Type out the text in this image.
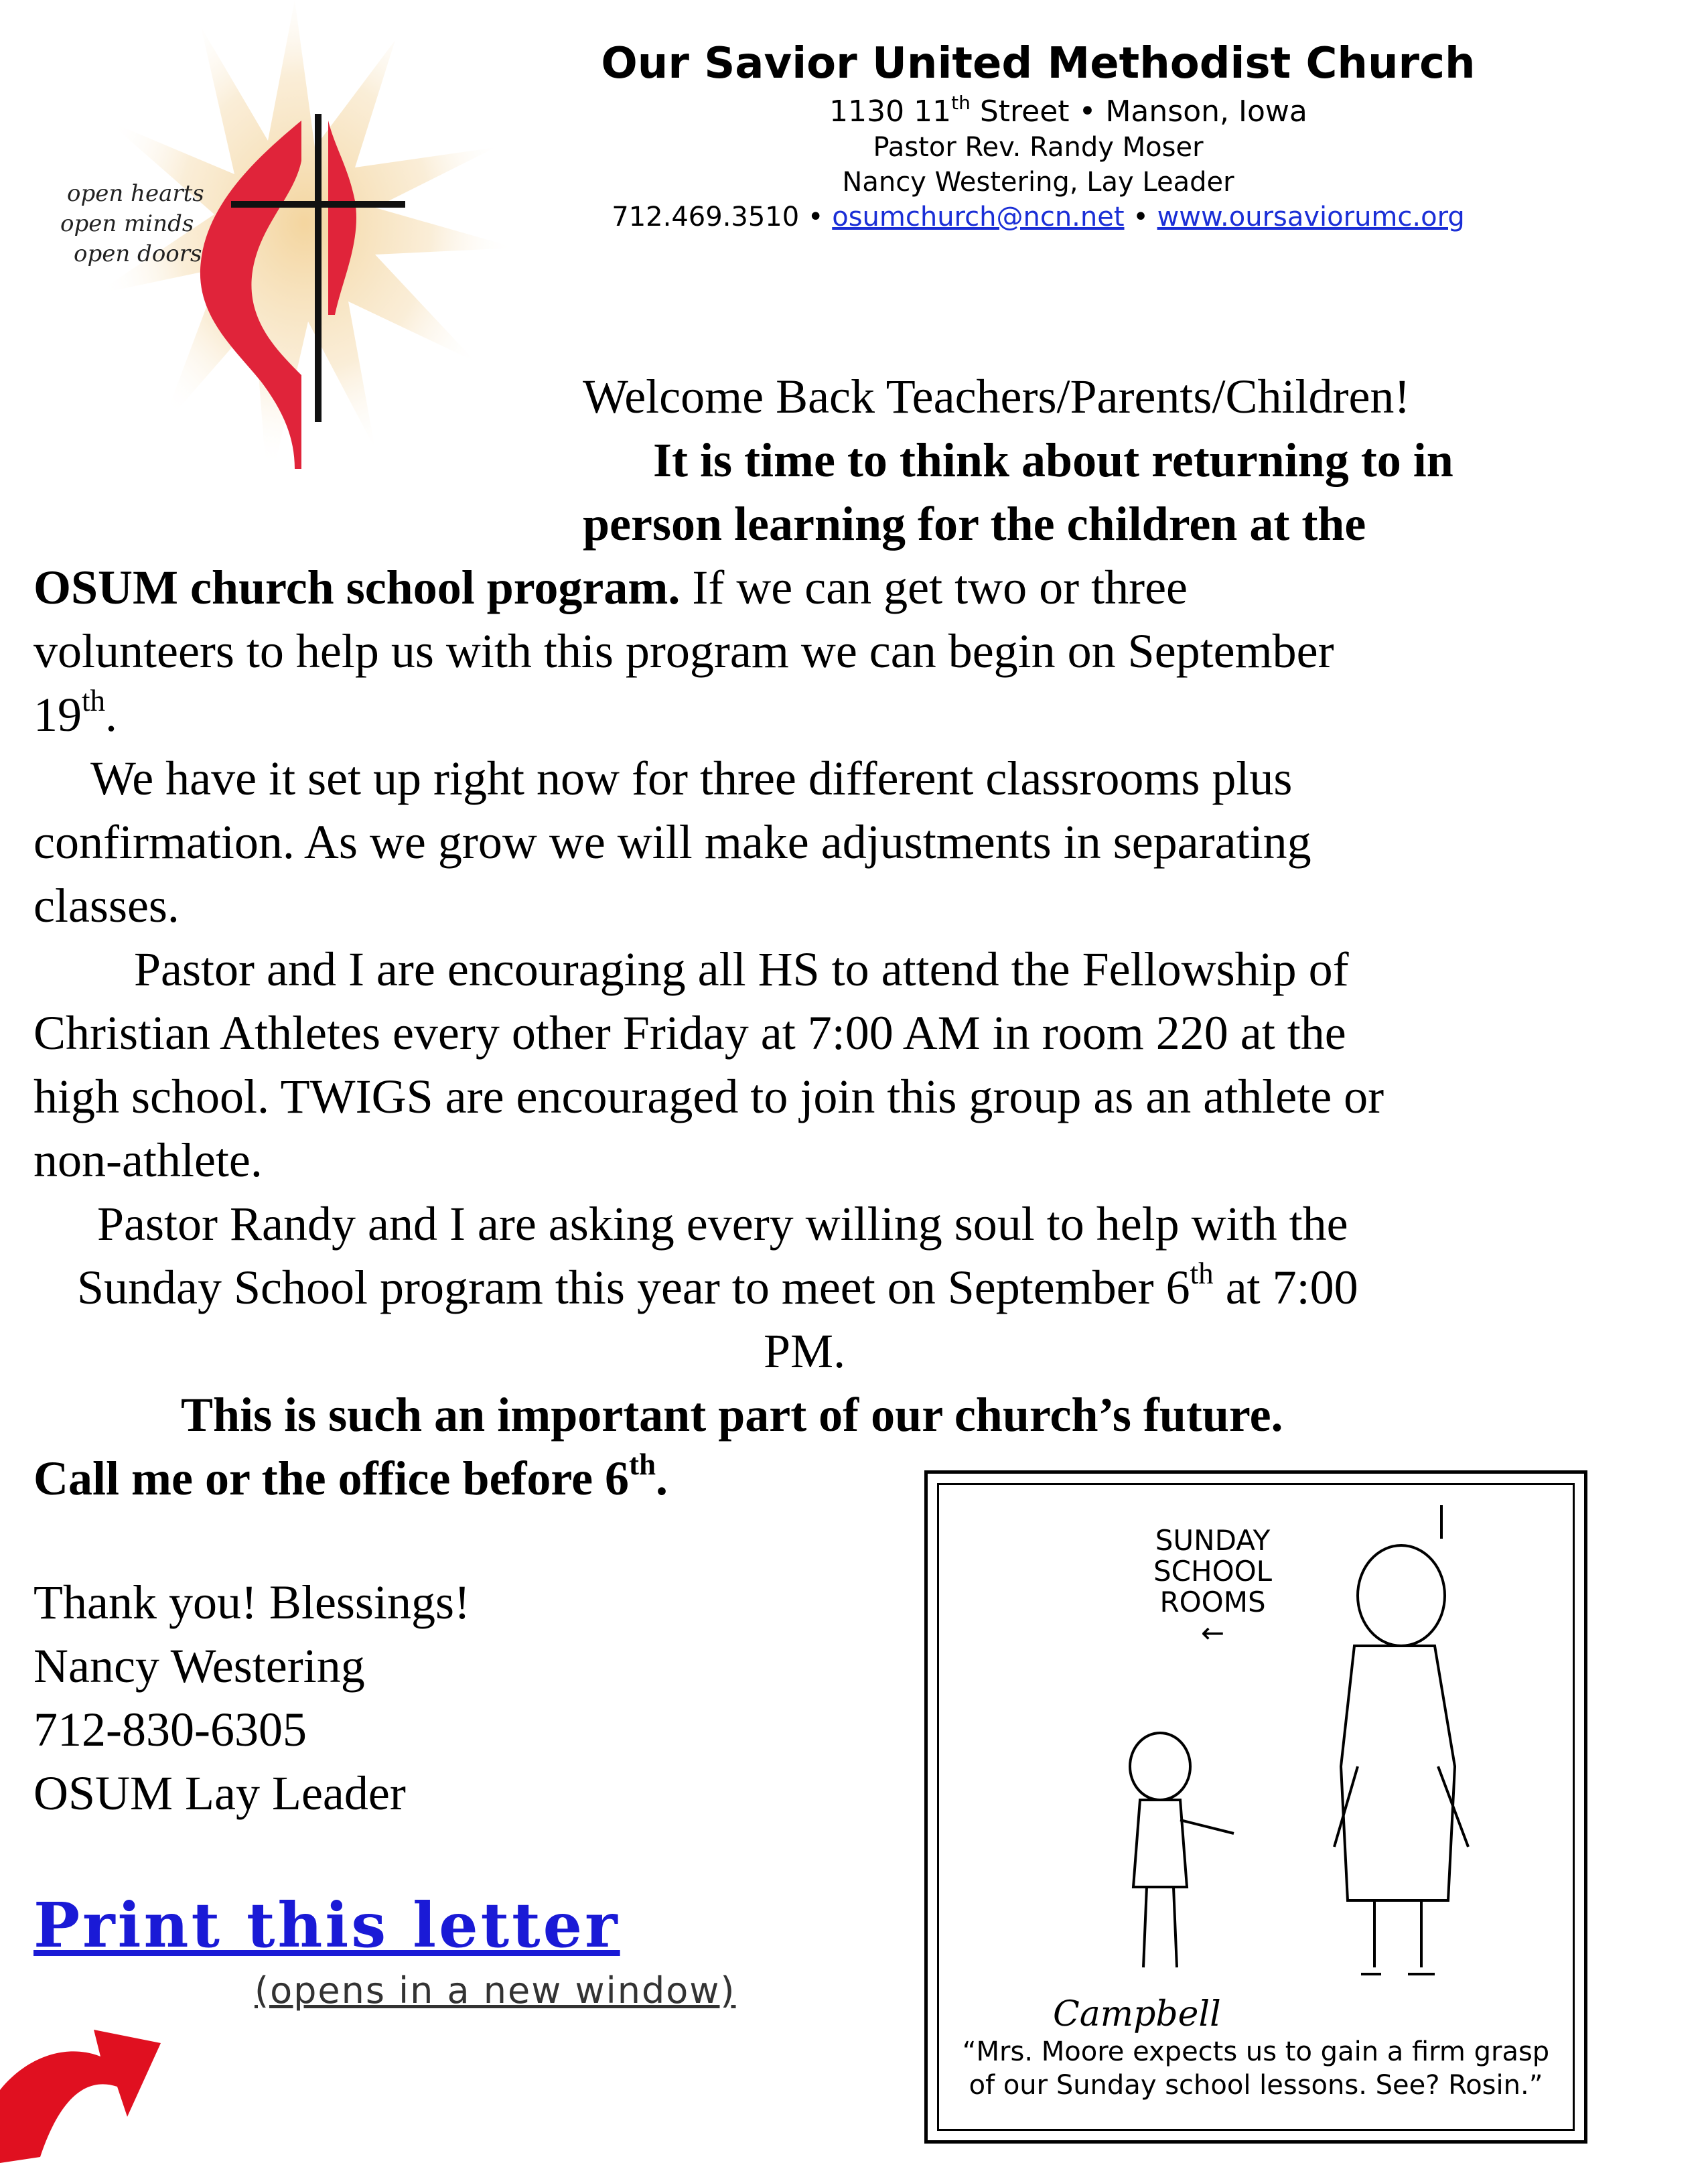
open hearts
open minds
open doors
Our Savior United Methodist Church
1130 11th Street • Manson, Iowa
Pastor Rev. Randy Moser
Nancy Westering, Lay Leader
712.469.3510 • osumchurch@ncn.net • www.oursaviorumc.org
Welcome Back Teachers/Parents/Children!
It is time to think about returning to in
person learning for the children at the
OSUM church school program. If we can get two or three
volunteers to help us with this program we can begin on September
19th.
We have it set up right now for three different classrooms plus
confirmation. As we grow we will make adjustments in separating
classes.
Pastor and I are encouraging all HS to attend the Fellowship of
Christian Athletes every other Friday at 7:00 AM in room 220 at the
high school. TWIGS are encouraged to join this group as an athlete or
non-athlete.
Pastor Randy and I are asking every willing soul to help with the
Sunday School program this year to meet on September 6th at 7:00
PM.
This is such an important part of our church’s future.
Call me or the office before 6th.
Thank you! Blessings!
Nancy Westering
712-830-6305
OSUM Lay Leader
Print this letter
(opens in a new window)
SUNDAY
SCHOOL
ROOMS
←
Campbell
“Mrs. Moore expects us to gain a firm grasp
of our Sunday school lessons. See? Rosin.”
